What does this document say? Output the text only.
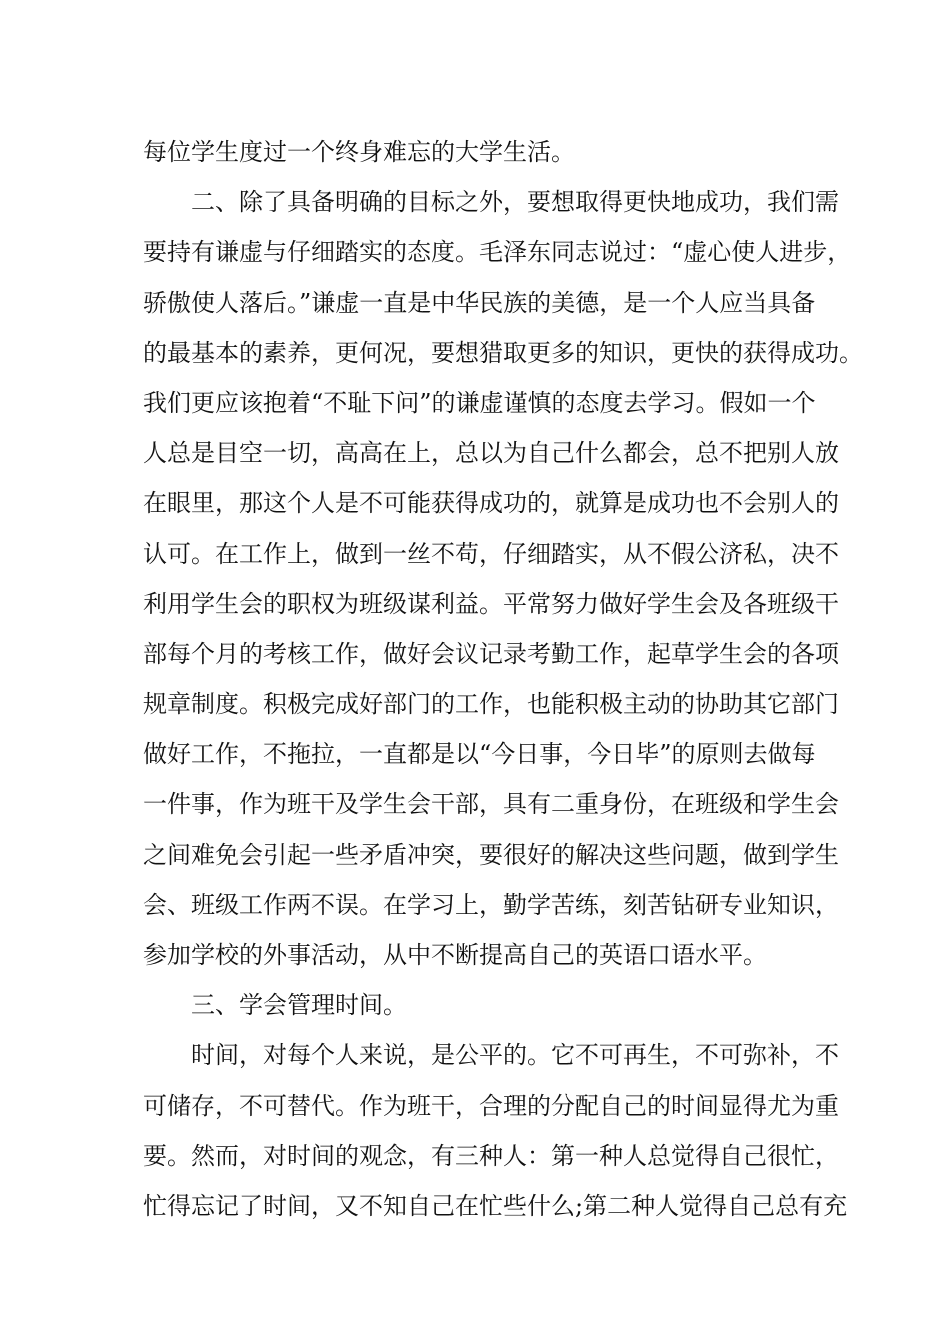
每位学生度过一个终身难忘的大学生活。
二、除了具备明确的目标之外，要想取得更快地成功，我们需
要持有谦虚与仔细踏实的态度。毛泽东同志说过：“虚心使人进步，
骄傲使人落后。”谦虚一直是中华民族的美德，是一个人应当具备
的最基本的素养，更何况，要想猎取更多的知识，更快的获得成功。
我们更应该抱着“不耻下问”的谦虚谨慎的态度去学习。假如一个
人总是目空一切，高高在上，总以为自己什么都会，总不把别人放
在眼里，那这个人是不可能获得成功的，就算是成功也不会别人的
认可。在工作上，做到一丝不苟，仔细踏实，从不假公济私，决不
利用学生会的职权为班级谋利益。平常努力做好学生会及各班级干
部每个月的考核工作，做好会议记录考勤工作，起草学生会的各项
规章制度。积极完成好部门的工作，也能积极主动的协助其它部门
做好工作，不拖拉，一直都是以“今日事，今日毕”的原则去做每
一件事，作为班干及学生会干部，具有二重身份，在班级和学生会
之间难免会引起一些矛盾冲突，要很好的解决这些问题，做到学生
会、班级工作两不误。在学习上，勤学苦练，刻苦钻研专业知识，
参加学校的外事活动，从中不断提高自己的英语口语水平。
三、学会管理时间。
时间，对每个人来说，是公平的。它不可再生，不可弥补，不
可储存，不可替代。作为班干，合理的分配自己的时间显得尤为重
要。然而，对时间的观念，有三种人：第一种人总觉得自己很忙，
忙得忘记了时间，又不知自己在忙些什么;第二种人觉得自己总有充
